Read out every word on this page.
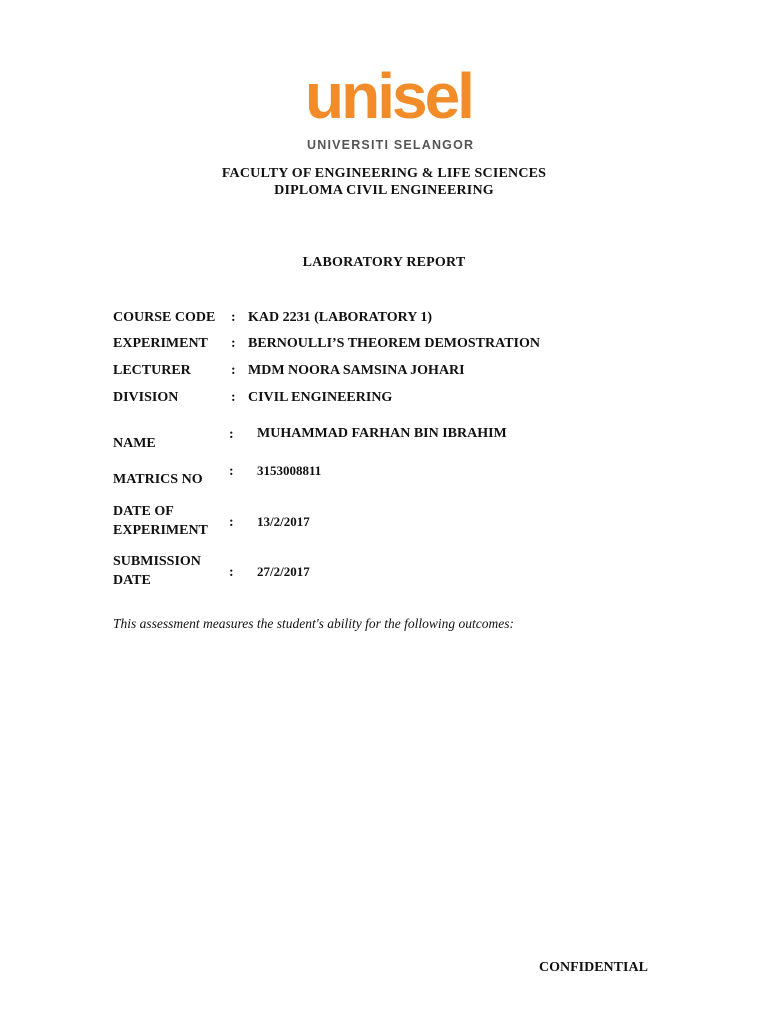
unisel
UNIVERSITI SELANGOR
FACULTY OF ENGINEERING & LIFE SCIENCES
DIPLOMA CIVIL ENGINEERING
LABORATORY REPORT
COURSE CODE : KAD 2231 (LABORATORY 1)
EXPERIMENT : BERNOULLI’S THEOREM DEMOSTRATION
LECTURER	: MDM NOORA SAMSINA JOHARI
DIVISION	: CIVIL ENGINEERING
NAME
: MUHAMMAD FARHAN BIN IBRAHIM
MATRICS NO
: 3153008811
DATE OF
EXPERIMENT
: 13/2/2017
SUBMISSION
DATE
: 27/2/2017
This assessment measures the student's ability for the following outcomes:
CONFIDENTIAL
